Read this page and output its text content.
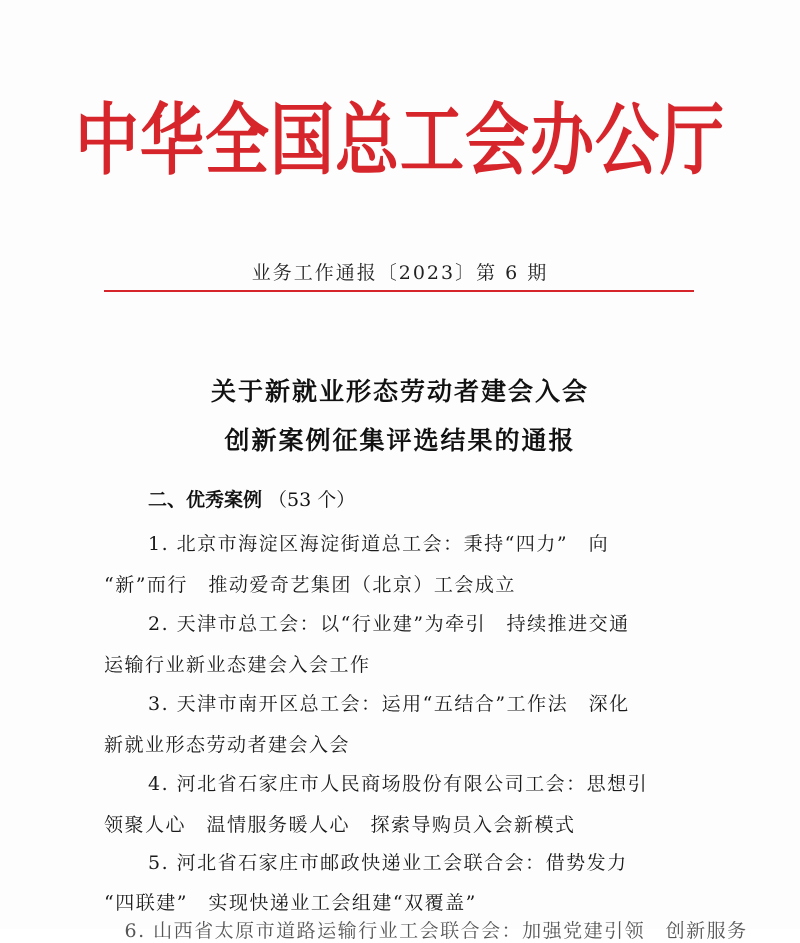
中华全国总工会办公厅
业务工作通报〔2023〕第 6 期
关于新就业形态劳动者建会入会
创新案例征集评选结果的通报
二、优秀案例 （53 个）
1. 北京市海淀区海淀街道总工会：秉持“四力”　向
“新”而行　推动爱奇艺集团（北京）工会成立
2. 天津市总工会：以“行业建”为牵引　持续推进交通
运输行业新业态建会入会工作
3. 天津市南开区总工会：运用“五结合”工作法　深化
新就业形态劳动者建会入会
4. 河北省石家庄市人民商场股份有限公司工会：思想引
领聚人心　温情服务暖人心　探索导购员入会新模式
5. 河北省石家庄市邮政快递业工会联合会：借势发力
“四联建”　实现快递业工会组建“双覆盖”
　6. 山西省太原市道路运输行业工会联合会：加强党建引领　创新服务
